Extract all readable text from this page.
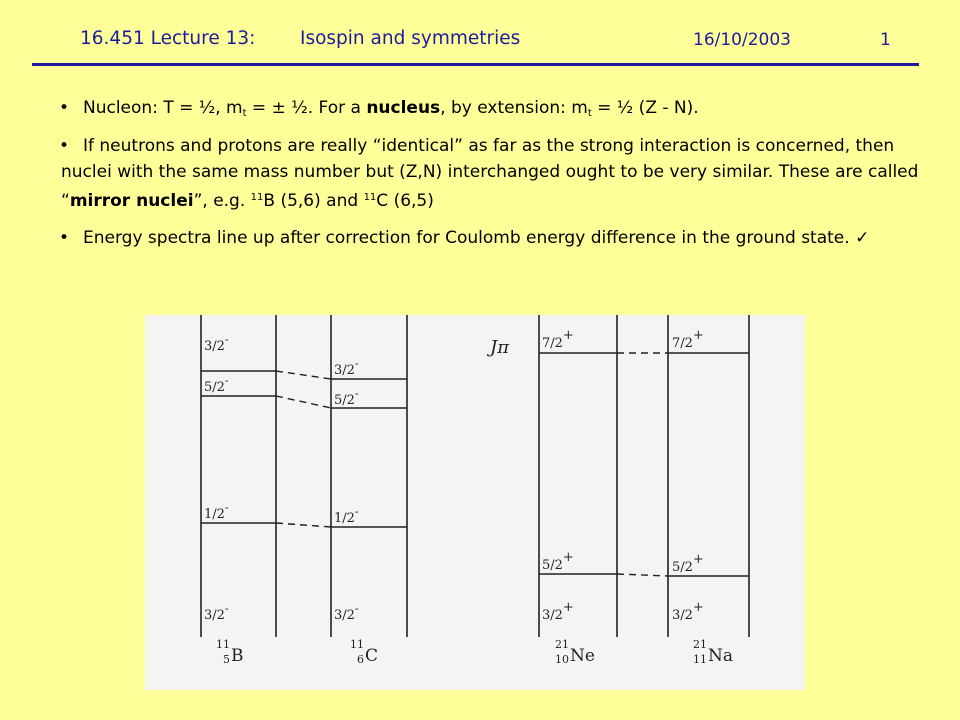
16.451 Lecture 13: Isospin and symmetries	16/10/2003	1
• Nucleon: T = ½, $m_t$ = ± ½. For a nucleus, by extension: $m_t$ = ½ (Z - N).
• If neutrons and protons are really “identical” as far as the strong interaction is concerned, then nuclei with the same mass number but (Z,N) interchanged ought to be very similar. These are called “mirror nuclei”, e.g. $^{11}$B (5,6) and $^{11}$C (6,5)
• Energy spectra line up after correction for Coulomb energy difference in the ground state. ✓
Jπ
3/2-
5/2-
1/2-
3/2-
3/2-
5/2-
1/2-
3/2-
7/2+
5/2+
3/2+
7/2+
5/2+
3/2+
11
5 B
11
6 C
21
10 Ne
21
11 Na
